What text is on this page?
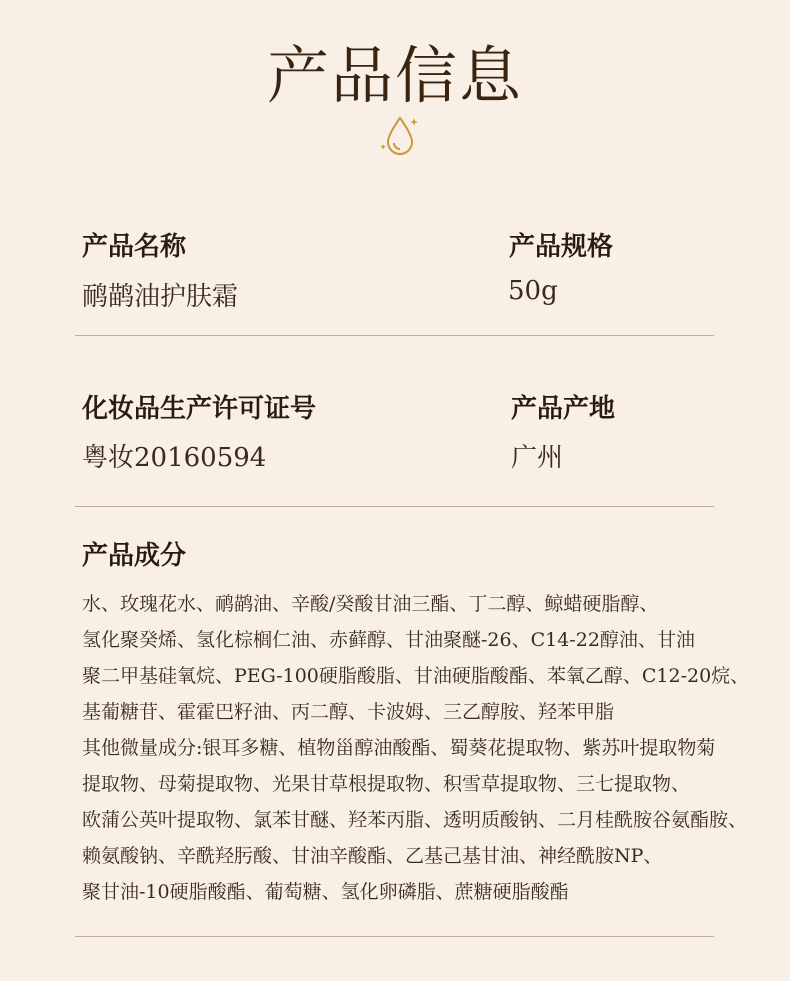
产品信息
产品名称
鸸鹋油护肤霜
产品规格
50g
化妆品生产许可证号
粤妆20160594
产品产地
广州
产品成分
水、玫瑰花水、鸸鹋油、辛酸/癸酸甘油三酯、丁二醇、鲸蜡硬脂醇、
氢化聚癸烯、氢化棕榈仁油、赤藓醇、甘油聚醚-26、C14-22醇油、甘油
聚二甲基硅氧烷、PEG-100硬脂酸脂、甘油硬脂酸酯、苯氧乙醇、C12-20烷、
基葡糖苷、霍霍巴籽油、丙二醇、卡波姆、三乙醇胺、羟苯甲脂
其他微量成分:银耳多糖、植物甾醇油酸酯、蜀葵花提取物、紫苏叶提取物菊
提取物、母菊提取物、光果甘草根提取物、积雪草提取物、三七提取物、
欧蒲公英叶提取物、氯苯甘醚、羟苯丙脂、透明质酸钠、二月桂酰胺谷氨酯胺、
赖氨酸钠、辛酰羟肟酸、甘油辛酸酯、乙基己基甘油、神经酰胺NP、
聚甘油-10硬脂酸酯、葡萄糖、氢化卵磷脂、蔗糖硬脂酸酯
